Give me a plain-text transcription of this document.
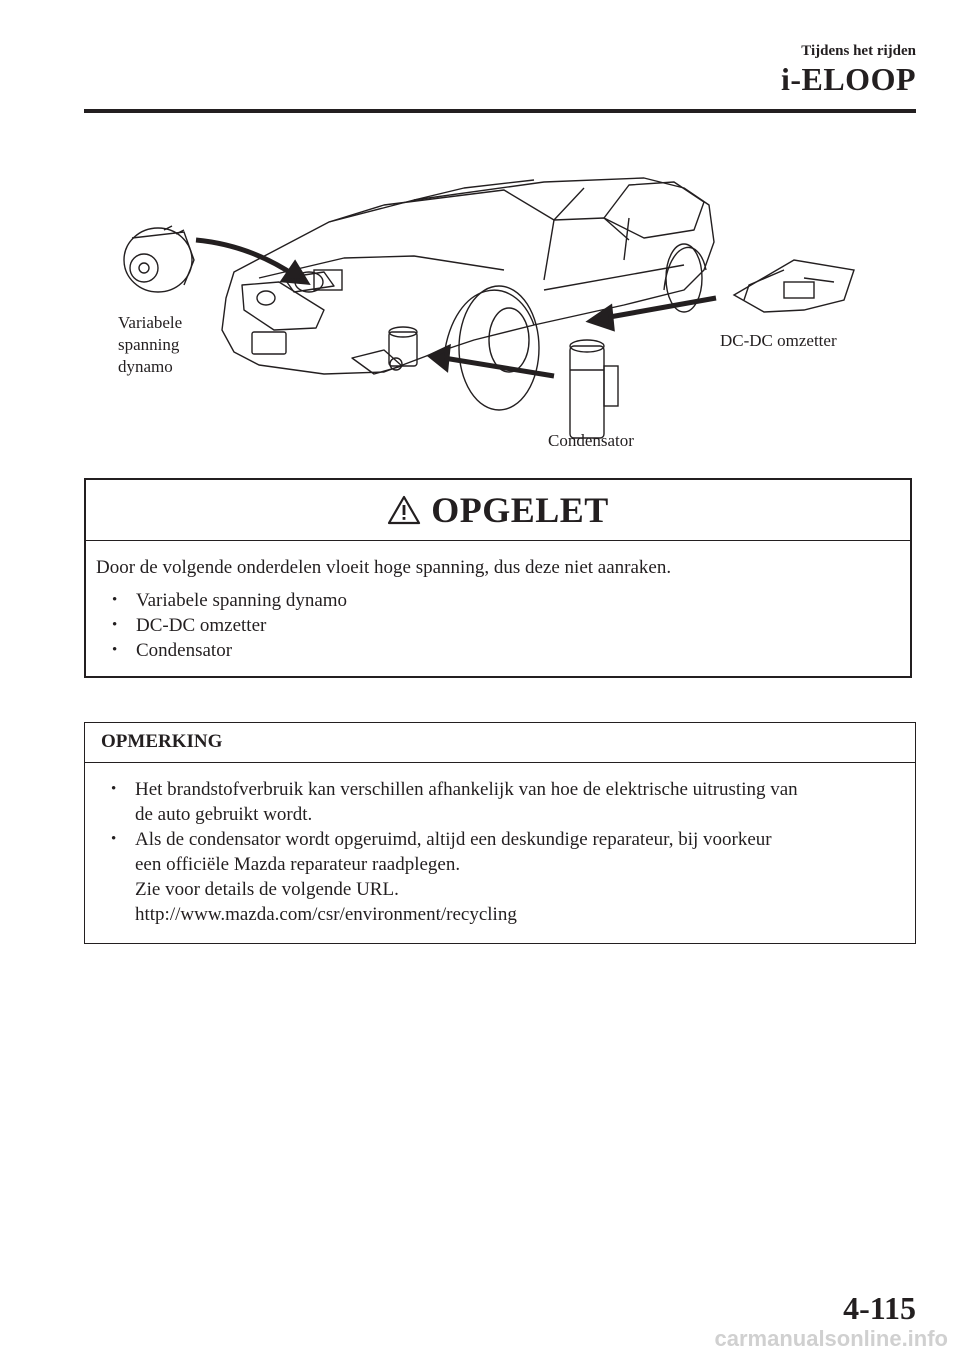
Tijdens het rijden
i-ELOOP
Variabele
spanning
dynamo
DC-DC omzetter
Condensator
OPGELET

Door de volgende onderdelen vloeit hoge spanning, dus deze niet aanraken.

• Variabele spanning dynamo
• DC-DC omzetter
• Condensator
OPMERKING
• Het brandstofverbruik kan verschillen afhankelijk van hoe de elektrische uitrusting van
de auto gebruikt wordt.
• Als de condensator wordt opgeruimd, altijd een deskundige reparateur, bij voorkeur
een officiële Mazda reparateur raadplegen.
Zie voor details de volgende URL.
http://www.mazda.com/csr/environment/recycling
4-115
carmanualsonline.info
